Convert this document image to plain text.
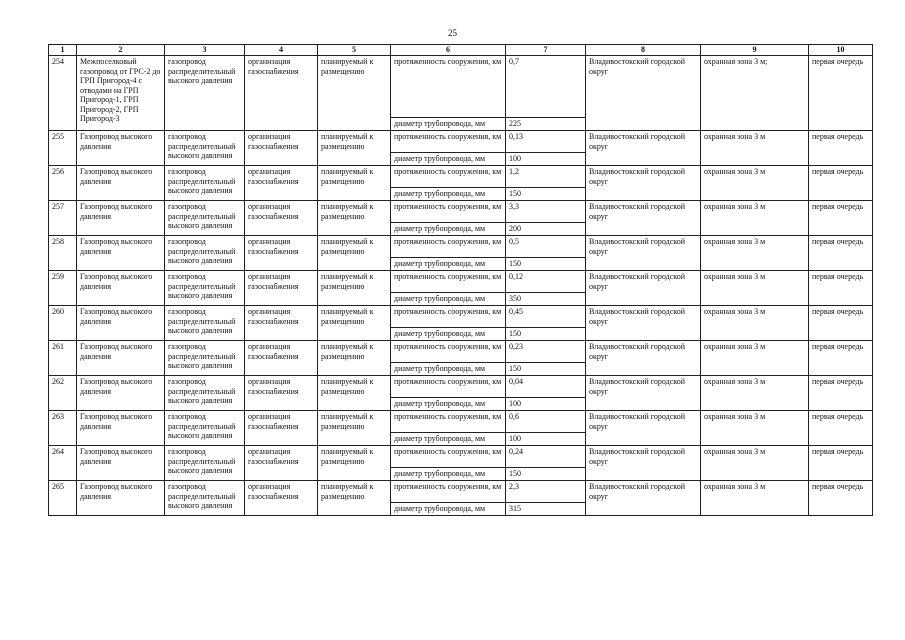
25
1	2	3	4	5	6	7	8	9	10
254	Межпоселковый газопровод от ГРС-2 до ГРП Пригород-4 с отводами на ГРП Пригород-1, ГРП Пригород-2, ГРП Пригород-3	газопровод распределительный высокого давления	организация газоснабжения	планируемый к размещению	протяженность сооружения, км	0,7	Владивостокский городской округ	охранная зона 3 м;	первая очередь
					диаметр трубопровода, мм	225			
255	Газопровод высокого давления	газопровод распределительный высокого давления	организация газоснабжения	планируемый к размещению	протяженность сооружения, км	0,13	Владивостокский городской округ	охранная зона 3 м	первая очередь
					диаметр трубопровода, мм	100			
256	Газопровод высокого давления	газопровод распределительный высокого давления	организация газоснабжения	планируемый к размещению	протяженность сооружения, км	1,2	Владивостокский городской округ	охранная зона 3 м	первая очередь
					диаметр трубопровода, мм	150			
257	Газопровод высокого давления	газопровод распределительный высокого давления	организация газоснабжения	планируемый к размещению	протяженность сооружения, км	3,3	Владивостокский городской округ	охранная зона 3 м	первая очередь
					диаметр трубопровода, мм	200			
258	Газопровод высокого давления	газопровод распределительный высокого давления	организация газоснабжения	планируемый к размещению	протяженность сооружения, км	0,5	Владивостокский городской округ	охранная зона 3 м	первая очередь
					диаметр трубопровода, мм	150			
259	Газопровод высокого давления	газопровод распределительный высокого давления	организация газоснабжения	планируемый к размещению	протяженность сооружения, км	0,12	Владивостокский городской округ	охранная зона 3 м	первая очередь
					диаметр трубопровода, мм	350			
260	Газопровод высокого давления	газопровод распределительный высокого давления	организация газоснабжения	планируемый к размещению	протяженность сооружения, км	0,45	Владивостокский городской округ	охранная зона 3 м	первая очередь
					диаметр трубопровода, мм	150			
261	Газопровод высокого давления	газопровод распределительный высокого давления	организация газоснабжения	планируемый к размещению	протяженность сооружения, км	0,23	Владивостокский городской округ	охранная зона 3 м	первая очередь
					диаметр трубопровода, мм	150			
262	Газопровод высокого давления	газопровод распределительный высокого давления	организация газоснабжения	планируемый к размещению	протяженность сооружения, км	0,04	Владивостокский городской округ	охранная зона 3 м	первая очередь
					диаметр трубопровода, мм	100			
263	Газопровод высокого давления	газопровод распределительный высокого давления	организация газоснабжения	планируемый к размещению	протяженность сооружения, км	0,6	Владивостокский городской округ	охранная зона 3 м	первая очередь
					диаметр трубопровода, мм	100			
264	Газопровод высокого давления	газопровод распределительный высокого давления	организация газоснабжения	планируемый к размещению	протяженность сооружения, км	0,24	Владивостокский городской округ	охранная зона 3 м	первая очередь
					диаметр трубопровода, мм	150			
265	Газопровод высокого давления	газопровод распределительный высокого давления	организация газоснабжения	планируемый к размещению	протяженность сооружения, км	2,3	Владивостокский городской округ	охранная зона 3 м	первая очередь
					диаметр трубопровода, мм	315			
